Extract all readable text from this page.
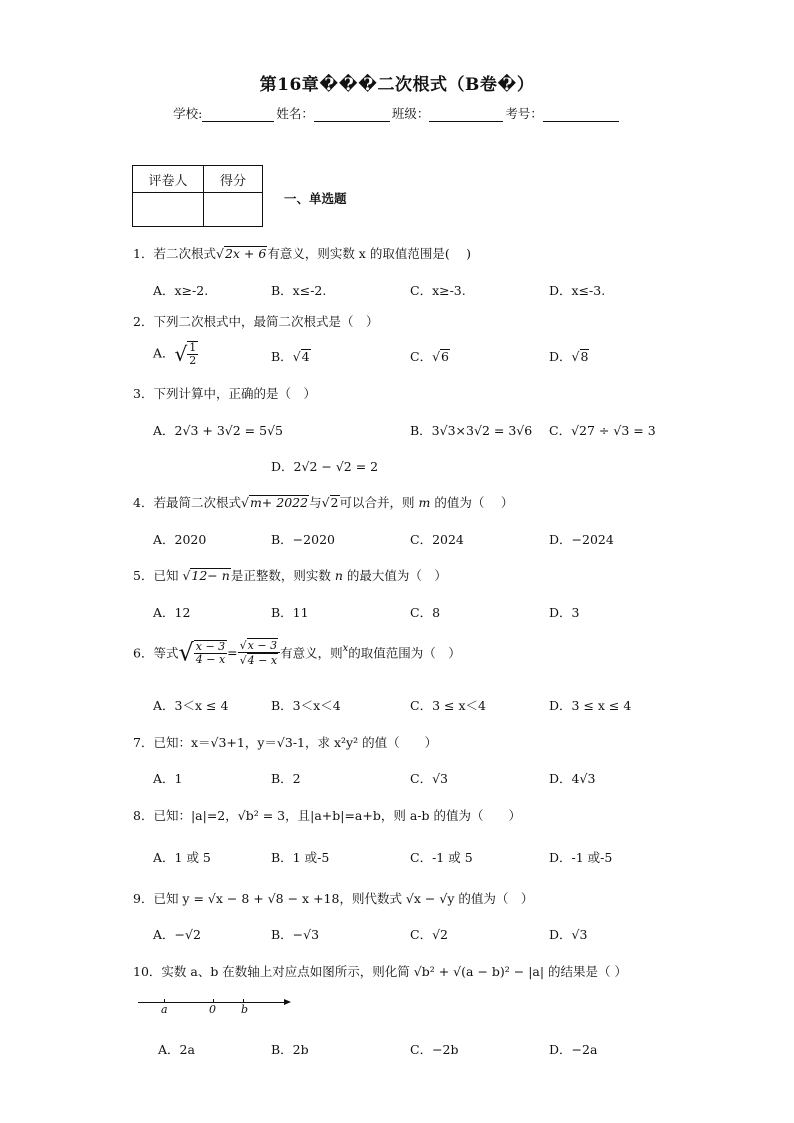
第16章���二次根式（B卷�）
学校:	姓名：	班级：	考号：
评卷人	得分

一、单选题
1．若二次根式√2x + 6有意义，则实数 x 的取值范围是(　 )
A．x≥-2.	B．x≤-2.	C．x≥-3.	D．x≤-3.
2．下列二次根式中，最简二次根式是（　）
A．√ $\frac{1}{2}$	B．√4	C．√6	D．√8
3．下列计算中，正确的是（　）
A．2√3 + 3√2 = 5√5	B．3√3×3√2 = 3√6 C．√27 ÷ √3 = 3
D．2√2 − √2 = 2
4．若最简二次根式√m+ 2022与√2可以合并，则 m 的值为（　 ）
A．2020	B．−2020	C．2024	D．−2024
5．已知 √12− n是正整数，则实数 n 的最大值为（　）
A．12	B．11	C．8	D．3
6．等式√ $\frac{x - 3}{4 - x} = \frac{√x - 3}{√4 - x}$ 有意义，则$^x$的取值范围为（　）
A．3＜x ≤ 4	B．3＜x＜4	C．3 ≤ x＜4	D．3 ≤ x ≤ 4
7．已知：x＝√3+1，y＝√3-1，求 x²y² 的值（　　）
A．1	B．2	C．√3	D．4√3
8．已知：|a|=2，√b² = 3，且|a+b|=a+b，则 a-b 的值为（　　）
A．1 或 5	B．1 或-5	C．-1 或 5	D．-1 或-5
9．已知 y = √x − 8 + √8 − x +18，则代数式 √x − √y 的值为（　）
A．−√2	B．−√3	C．√2	D．√3
10．实数 a、b 在数轴上对应点如图所示，则化简 √b² + √(a − b)² − |a| 的结果是（ ）
a	0 b
A．2a	B．2b	C．−2b	D．−2a
